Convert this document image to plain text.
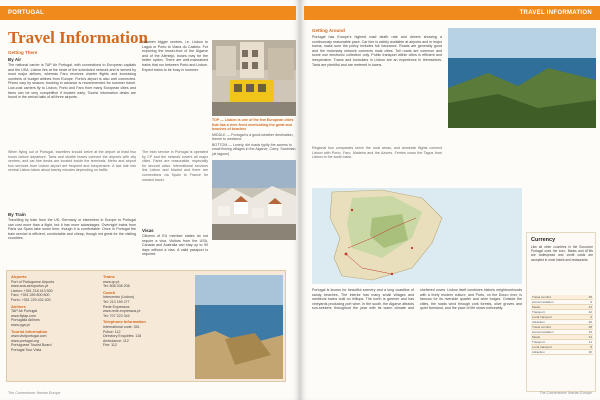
PORTUGAL
Travel Information
Getting There
By Air
The national carrier is TAP Air Portugal, with connections to European capitals and the USA. Lisbon lies at the heart of the scheduled network and is served by most major airlines, whereas Faro receives charter flights and increasing numbers of budget airlines from Europe. Porto's airport is also well connected. Prices vary by season; booking in advance is recommended for summer travel. Low-cost carriers fly to Lisbon, Porto and Faro from many European cities and fares can be very competitive if booked early. Tourist information desks are found in the arrival halls of all three airports.
When flying out of Portugal, travellers should arrive at the airport at least two hours before departure. Taxis and shuttle buses connect the airports with city centres, and car-hire desks are located inside the terminals. Metro and airport bus services from Lisbon airport are frequent and inexpensive. A taxi ride into central Lisbon takes about twenty minutes depending on traffic.
By Train
Travelling by train from the UK, Germany or elsewhere in Europe to Portugal can cost more than a flight, but it has more advantages. Overnight trains from Paris via Spain take some time, though it is comfortable. Once in Portugal the train service is efficient, comfortable and cheap, though not great for the visiting countries.
between bigger centres, i.e. Lisbon to Lagos or Porto to Viana do Castelo. For exploring the lesser-trod of the Algarve and of the Alentejo, buses may be the better option. There are well-maintained trains that run between Porto and Lisbon. Expect trains to be busy in summer.
The train service in Portugal is operated by CP and the network covers all major cities. Fares are reasonable, especially for second class. International services link Lisbon and Madrid and there are connections via Spain to France for onward travel.
Visas
Citizens of EU member states do not require a visa. Visitors from the USA, Canada and Australia can stay up to 90 days without a visa. A valid passport is required.
TOP — Lisbon is one of the few European cities that has a river-front overlooking the great and beaches of beaches
MIDDLE — Portugal is a good-weather destination, theme to weekend
BOTTOM — Lonely, dirt roads typify the access to small fishing villages in the Algarve, Carry; Sardinian (at lagoon)
Airports
Port of Portuguese Airports
www.ana-aeroportos.pt
Lisbon: +351 218 413 500
Faro: +351 289 800 800
Porto: +351 229 432 400
Airlines
TAP Air Portugal
www.flytap.com
Portugália Airlines
www.pga.pt
Tourist Information
www.visitportugal.com
www.portugal.org
Portuguese Tourist Board
Portugal Tour Vista
Trains
www.cp.pt
Tel: 808 208 208
Coach
Intercentro (Lisbon)
Tel: 213 159 277
Rede Expressos
www.rede-expressos.pt
Tel: 707 223 344
Telephone Information
International code: 351
Police: 112
Directory Enquiries: 118
Ambulance: 112
Fire: 112
The Cornerstone: Iberian Europe
TRAVEL INFORMATION
Getting Around
Portugal has Europe's highest road death rate and drivers showing a continuously reasonable pace. Car hire is widely available at airports and in major towns; make sure the policy includes full insurance. Roads are generally good and the motorway network connects most cities. Toll roads are common and some use electronic collection only. Public transport within cities is efficient and inexpensive. Trams and funiculars in Lisbon are an experience in themselves. Taxis are plentiful and are metered in towns.
Regional bus companies serve the rural areas, and domestic flights connect Lisbon with Porto, Faro, Madeira and the Azores. Ferries cross the Tagus from Lisbon to the south bank.
Portugal is known for beautiful scenery and a long coastline of sandy beaches. The interior has many small villages and medieval towns built on hilltops. The north is greener and has vineyards producing port wine. In the south, the Algarve attracts sun-seekers throughout the year with its warm climate and sheltered coves. Lisbon itself combines historic neighbourhoods with a lively modern culture, and Porto, on the Douro river, is famous for its riverside quarter and wine lodges. Outside the cities, the roads wind through cork forests, olive groves and quiet farmland, and the pace of life slows noticeably.
Currency
Like all other countries in the Eurozone Portugal uses the euro. Banks and ATMs are widespread and credit cards are accepted in most hotels and restaurants.
Travel comfort	35
Accommodation	9
Meals	12
Transport	22
Local transport	6
Attraction	20
Travel comfort	48
Accommodation	15
Meals	24
Transport	11
Local transport	8
Attraction	30
The Cornerstone: Iberian Europe
